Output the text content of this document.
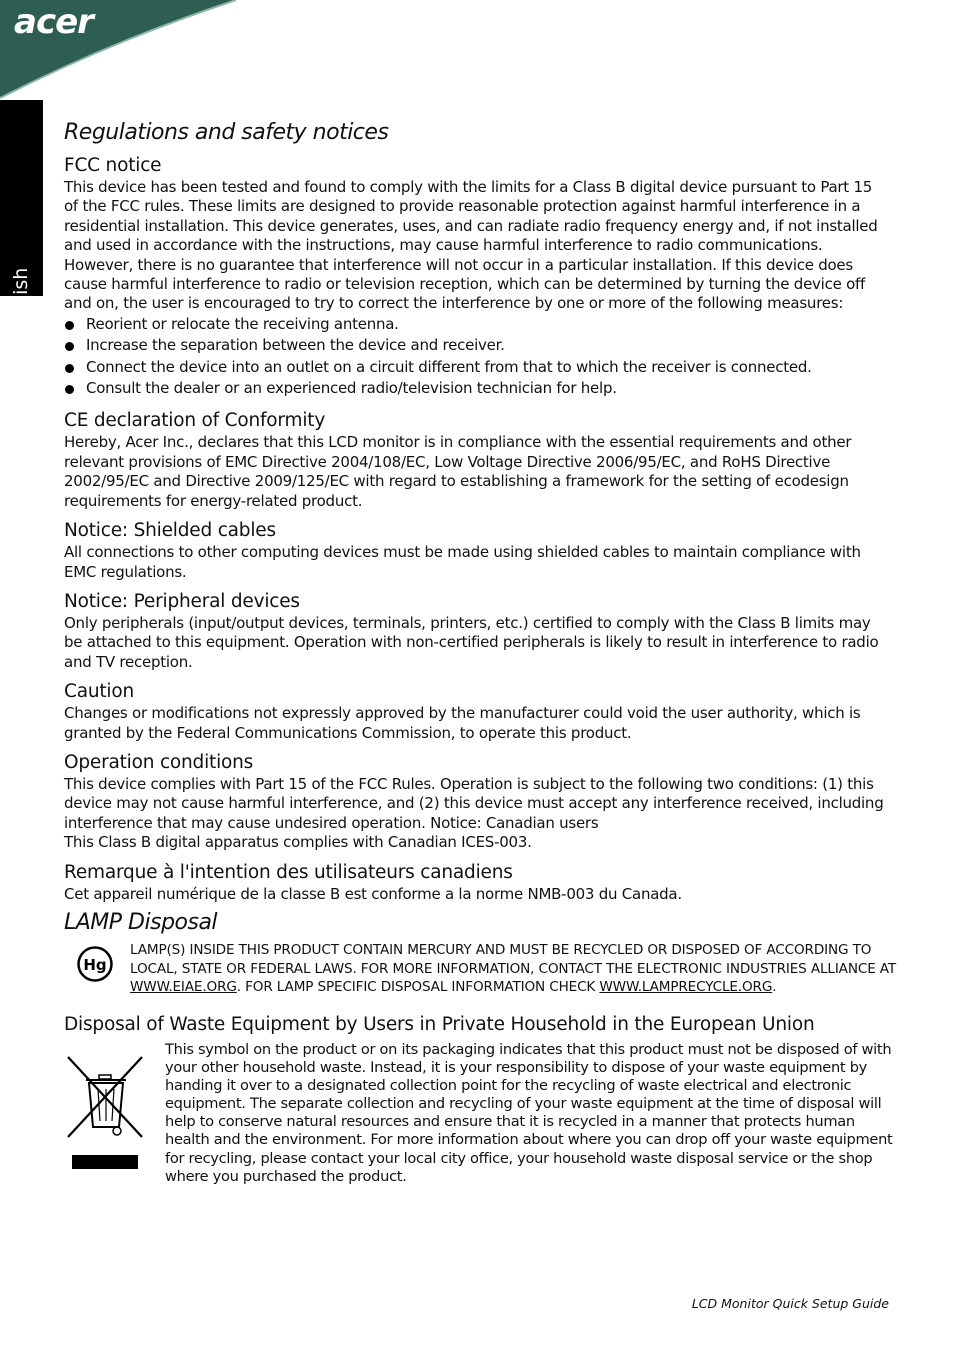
acer
English
Regulations and safety notices
FCC notice

This device has been tested and found to comply with the limits for a Class B digital device pursuant to Part 15 of the FCC rules. These limits are designed to provide reasonable protection against harmful interference in a residential installation. This device generates, uses, and can radiate radio frequency energy and, if not installed and used in accordance with the instructions, may cause harmful interference to radio communications.

However, there is no guarantee that interference will not occur in a particular installation. If this device does cause harmful interference to radio or television reception, which can be determined by turning the device off and on, the user is encouraged to try to correct the interference by one or more of the following measures:

Reorient or relocate the receiving antenna.
Increase the separation between the device and receiver.
Connect the device into an outlet on a circuit different from that to which the receiver is connected.
Consult the dealer or an experienced radio/television technician for help.
CE declaration of Conformity

Hereby, Acer Inc., declares that this LCD monitor is in compliance with the essential requirements and other relevant provisions of EMC Directive 2004/108/EC, Low Voltage Directive 2006/95/EC, and RoHS Directive 2002/95/EC and Directive 2009/125/EC with regard to establishing a framework for the setting of ecodesign requirements for energy-related product.

Notice: Shielded cables

All connections to other computing devices must be made using shielded cables to maintain compliance with EMC regulations.

Notice: Peripheral devices

Only peripherals (input/output devices, terminals, printers, etc.) certified to comply with the Class B limits may be attached to this equipment. Operation with non-certified peripherals is likely to result in interference to radio and TV reception.

Caution

Changes or modifications not expressly approved by the manufacturer could void the user authority, which is granted by the Federal Communications Commission, to operate this product.

Operation conditions

This device complies with Part 15 of the FCC Rules. Operation is subject to the following two conditions: (1) this device may not cause harmful interference, and (2) this device must accept any interference received, including interference that may cause undesired operation. Notice: Canadian users

This Class B digital apparatus complies with Canadian ICES-003.

Remarque à l'intention des utilisateurs canadiens

Cet appareil numérique de la classe B est conforme a la norme NMB-003 du Canada.

LAMP Disposal
Hg
LAMP(S) INSIDE THIS PRODUCT CONTAIN MERCURY AND MUST BE RECYCLED OR DISPOSED OF ACCORDING TO LOCAL, STATE OR FEDERAL LAWS. FOR MORE INFORMATION, CONTACT THE ELECTRONIC INDUSTRIES ALLIANCE AT WWW.EIAE.ORG. FOR LAMP SPECIFIC DISPOSAL INFORMATION CHECK WWW.LAMPRECYCLE.ORG.
Disposal of Waste Equipment by Users in Private Household in the European Union
This symbol on the product or on its packaging indicates that this product must not be disposed of with your other household waste. Instead, it is your responsibility to dispose of your waste equipment by handing it over to a designated collection point for the recycling of waste electrical and electronic equipment. The separate collection and recycling of your waste equipment at the time of disposal will help to conserve natural resources and ensure that it is recycled in a manner that protects human health and the environment. For more information about where you can drop off your waste equipment for recycling, please contact your local city office, your household waste disposal service or the shop where you purchased the product.
LCD Monitor Quick Setup Guide
